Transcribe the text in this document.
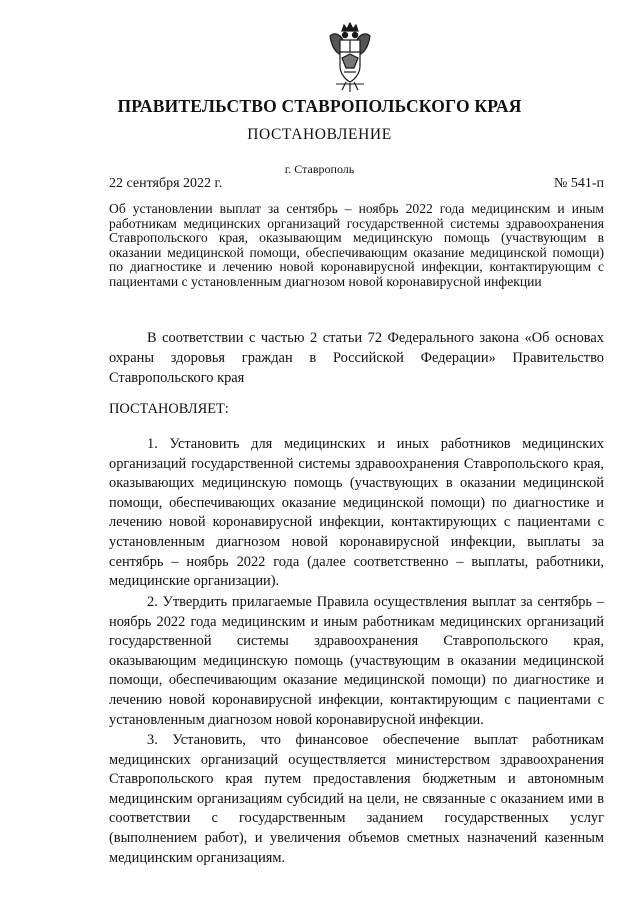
ПРАВИТЕЛЬСТВО СТАВРОПОЛЬСКОГО КРАЯ
ПОСТАНОВЛЕНИЕ
г. Ставрополь
22 сентября 2022 г.	№ 541-п
Об установлении выплат за сентябрь – ноябрь 2022 года медицинским и иным работникам медицинских организаций государственной системы здравоохранения Ставропольского края, оказывающим медицинскую помощь (участвующим в оказании медицинской помощи, обеспечивающим оказание медицинской помощи) по диагностике и лечению новой коронавирусной инфекции, контактирующим с пациентами с установленным диагнозом новой коронавирусной инфекции
В соответствии с частью 2 статьи 72 Федерального закона «Об основах охраны здоровья граждан в Российской Федерации» Правительство Ставропольского края
ПОСТАНОВЛЯЕТ:
1. Установить для медицинских и иных работников медицинских организаций государственной системы здравоохранения Ставропольского края, оказывающих медицинскую помощь (участвующих в оказании медицинской помощи, обеспечивающих оказание медицинской помощи) по диагностике и лечению новой коронавирусной инфекции, контактирующих с пациентами с установленным диагнозом новой коронавирусной инфекции, выплаты за сентябрь – ноябрь 2022 года (далее соответственно – выплаты, работники, медицинские организации).
2. Утвердить прилагаемые Правила осуществления выплат за сентябрь – ноябрь 2022 года медицинским и иным работникам медицинских организаций государственной системы здравоохранения Ставропольского края, оказывающим медицинскую помощь (участвующим в оказании медицинской помощи, обеспечивающим оказание медицинской помощи) по диагностике и лечению новой коронавирусной инфекции, контактирующим с пациентами с установленным диагнозом новой коронавирусной инфекции.
3. Установить, что финансовое обеспечение выплат работникам медицинских организаций осуществляется министерством здравоохранения Ставропольского края путем предоставления бюджетным и автономным медицинским организациям субсидий на цели, не связанные с оказанием ими в соответствии с государственным заданием государственных услуг (выполнением работ), и увеличения объемов сметных назначений казенным медицинским организациям.
